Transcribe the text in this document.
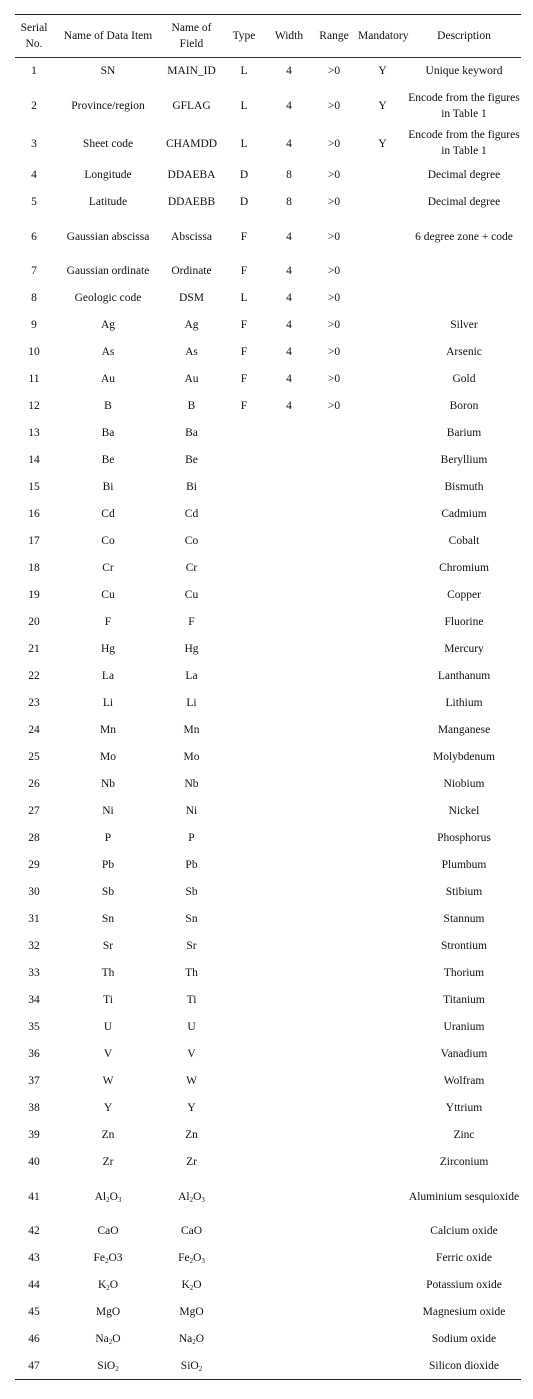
Serial No.	Name of Data Item	Name of Field	Type	Width	Range	Mandatory	Description
1	SN	MAIN_ID	L	4	>0	Y	Unique keyword
2	Province/region	GFLAG	L	4	>0	Y	Encode from the figures in Table 1
3	Sheet code	CHAMDD	L	4	>0	Y	Encode from the figures in Table 1
4	Longitude	DDAEBA	D	8	>0		Decimal degree
5	Latitude	DDAEBB	D	8	>0		Decimal degree
6	Gaussian abscissa	Abscissa	F	4	>0		6 degree zone + code
7	Gaussian ordinate	Ordinate	F	4	>0		
8	Geologic code	DSM	L	4	>0		
9	Ag	Ag	F	4	>0		Silver
10	As	As	F	4	>0		Arsenic
11	Au	Au	F	4	>0		Gold
12	B	B	F	4	>0		Boron
13	Ba	Ba					Barium
14	Be	Be					Beryllium
15	Bi	Bi					Bismuth
16	Cd	Cd					Cadmium
17	Co	Co					Cobalt
18	Cr	Cr					Chromium
19	Cu	Cu					Copper
20	F	F					Fluorine
21	Hg	Hg					Mercury
22	La	La					Lanthanum
23	Li	Li					Lithium
24	Mn	Mn					Manganese
25	Mo	Mo					Molybdenum
26	Nb	Nb					Niobium
27	Ni	Ni					Nickel
28	P	P					Phosphorus
29	Pb	Pb					Plumbum
30	Sb	Sb					Stibium
31	Sn	Sn					Stannum
32	Sr	Sr					Strontium
33	Th	Th					Thorium
34	Ti	Ti					Titanium
35	U	U					Uranium
36	V	V					Vanadium
37	W	W					Wolfram
38	Y	Y					Yttrium
39	Zn	Zn					Zinc
40	Zr	Zr					Zirconium
41	$Al_2O_3$	$Al_2O_3$					Aluminium sesquioxide
42	CaO	CaO					Calcium oxide
43	$Fe_2O3$	$Fe_2O_3$					Ferric oxide
44	$K_2O$	$K_2O$					Potassium oxide
45	MgO	MgO					Magnesium oxide
46	$Na_2O$	$Na_2O$					Sodium oxide
47	SiO$_2$	SiO$_2$					Silicon dioxide
